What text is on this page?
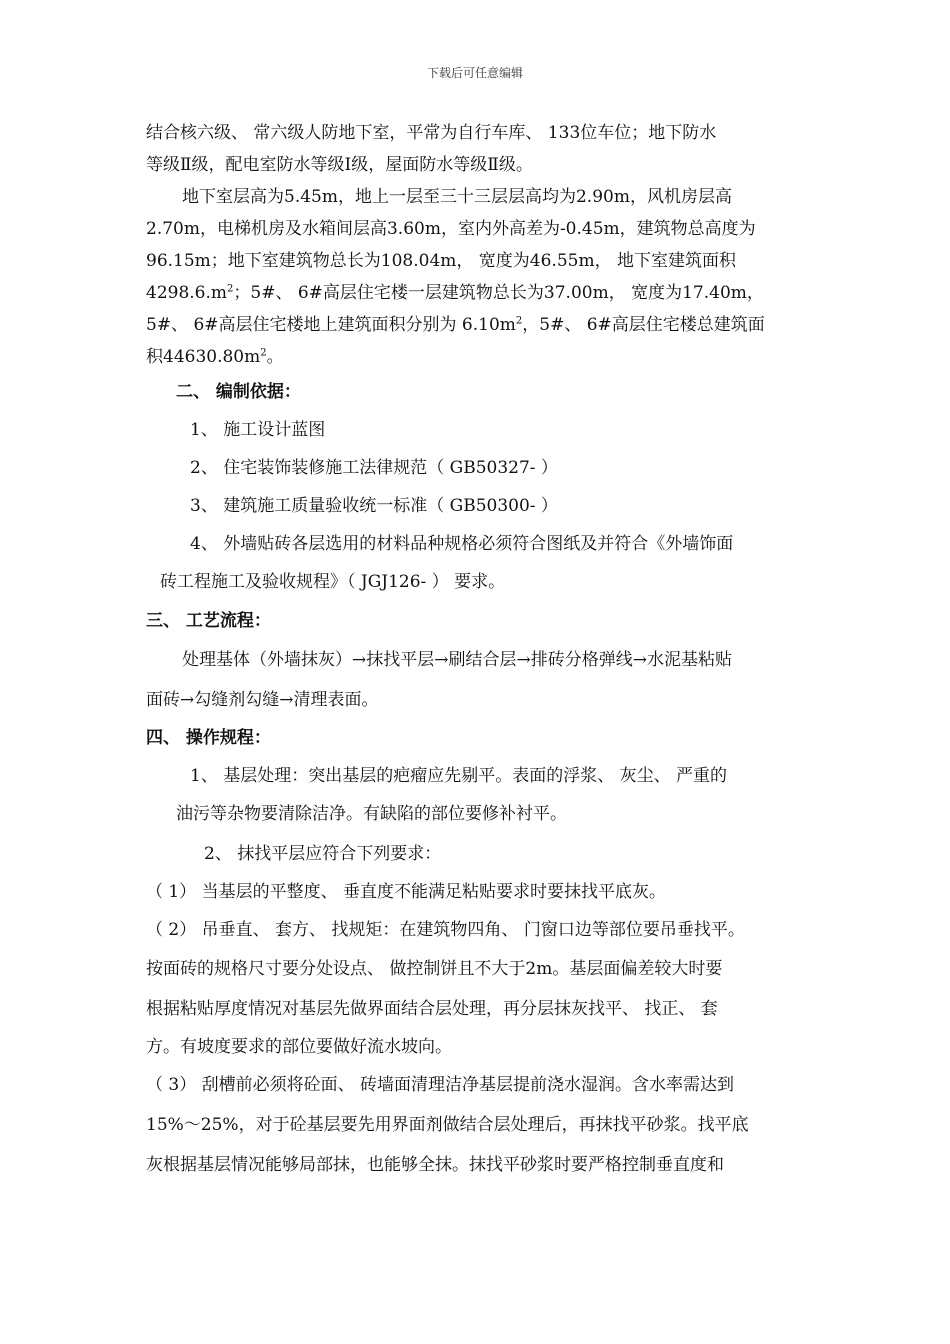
下载后可任意编辑
结合核六级、 常六级人防地下室，平常为自行车库、 133位车位；地下防水
等级Ⅱ级，配电室防水等级Ⅰ级，屋面防水等级Ⅱ级。
地下室层高为5.45m，地上一层至三十三层层高均为2.90m，风机房层高
2.70m，电梯机房及水箱间层高3.60m，室内外高差为-0.45m，建筑物总高度为
96.15m；地下室建筑物总长为108.04m， 宽度为46.55m， 地下室建筑面积
$4298.6.m^2$；5#、 6#高层住宅楼一层建筑物总长为37.00m， 宽度为17.40m，
5#、 6#高层住宅楼地上建筑面积分别为 $6.10m^2$，5#、 6#高层住宅楼总建筑面
积$44630.80m^2$。
二、 编制依据：
1、 施工设计蓝图
2、 住宅装饰装修施工法律规范（ GB50327- ）
3、 建筑施工质量验收统一标准（ GB50300- ）
4、 外墙贴砖各层选用的材料品种规格必须符合图纸及并符合《外墙饰面
砖工程施工及验收规程》（ JGJ126- ） 要求。
三、 工艺流程：
处理基体（外墙抹灰）→抹找平层→刷结合层→排砖分格弹线→水泥基粘贴
面砖→勾缝剂勾缝→清理表面。
四、 操作规程：
1、 基层处理：突出基层的疤瘤应先剔平。表面的浮浆、 灰尘、 严重的
油污等杂物要清除洁净。有缺陷的部位要修补衬平。
2、 抹找平层应符合下列要求：
（ 1） 当基层的平整度、 垂直度不能满足粘贴要求时要抹找平底灰。
（ 2） 吊垂直、 套方、 找规矩：在建筑物四角、 门窗口边等部位要吊垂找平。
按面砖的规格尺寸要分处设点、 做控制饼且不大于2m。基层面偏差较大时要
根据粘贴厚度情况对基层先做界面结合层处理，再分层抹灰找平、 找正、 套
方。有坡度要求的部位要做好流水坡向。
（ 3） 刮槽前必须将砼面、 砖墙面清理洁净基层提前浇水湿润。含水率需达到
15%～25%，对于砼基层要先用界面剂做结合层处理后，再抹找平砂浆。找平底
灰根据基层情况能够局部抹，也能够全抹。抹找平砂浆时要严格控制垂直度和
